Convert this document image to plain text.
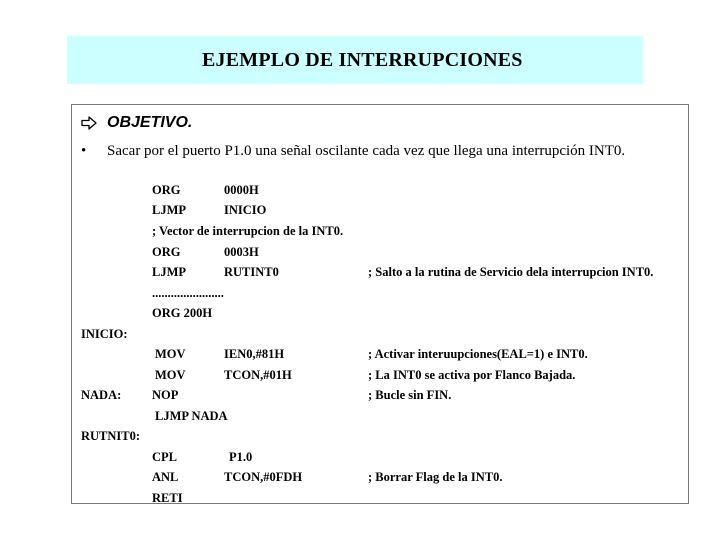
EJEMPLO DE INTERRUPCIONES
OBJETIVO.
•	Sacar por el puerto P1.0 una señal oscilante cada vez que llega una interrupción INT0.
ORG	0000H
LJMP	INICIO
; Vector de interrupcion de la INT0.
ORG	0003H
LJMP	RUTINT0	; Salto a la rutina de Servicio dela interrupcion INT0.
.......................
ORG 200H
INICIO:
MOV	IEN0,#81H	; Activar interuupciones(EAL=1) e INT0.
MOV	TCON,#01H	; La INT0 se activa por Flanco Bajada.
NADA: NOP	; Bucle sin FIN.
LJMP NADA
RUTNIT0:
CPL	P1.0
ANL	TCON,#0FDH	; Borrar Flag de la INT0.
RETI
